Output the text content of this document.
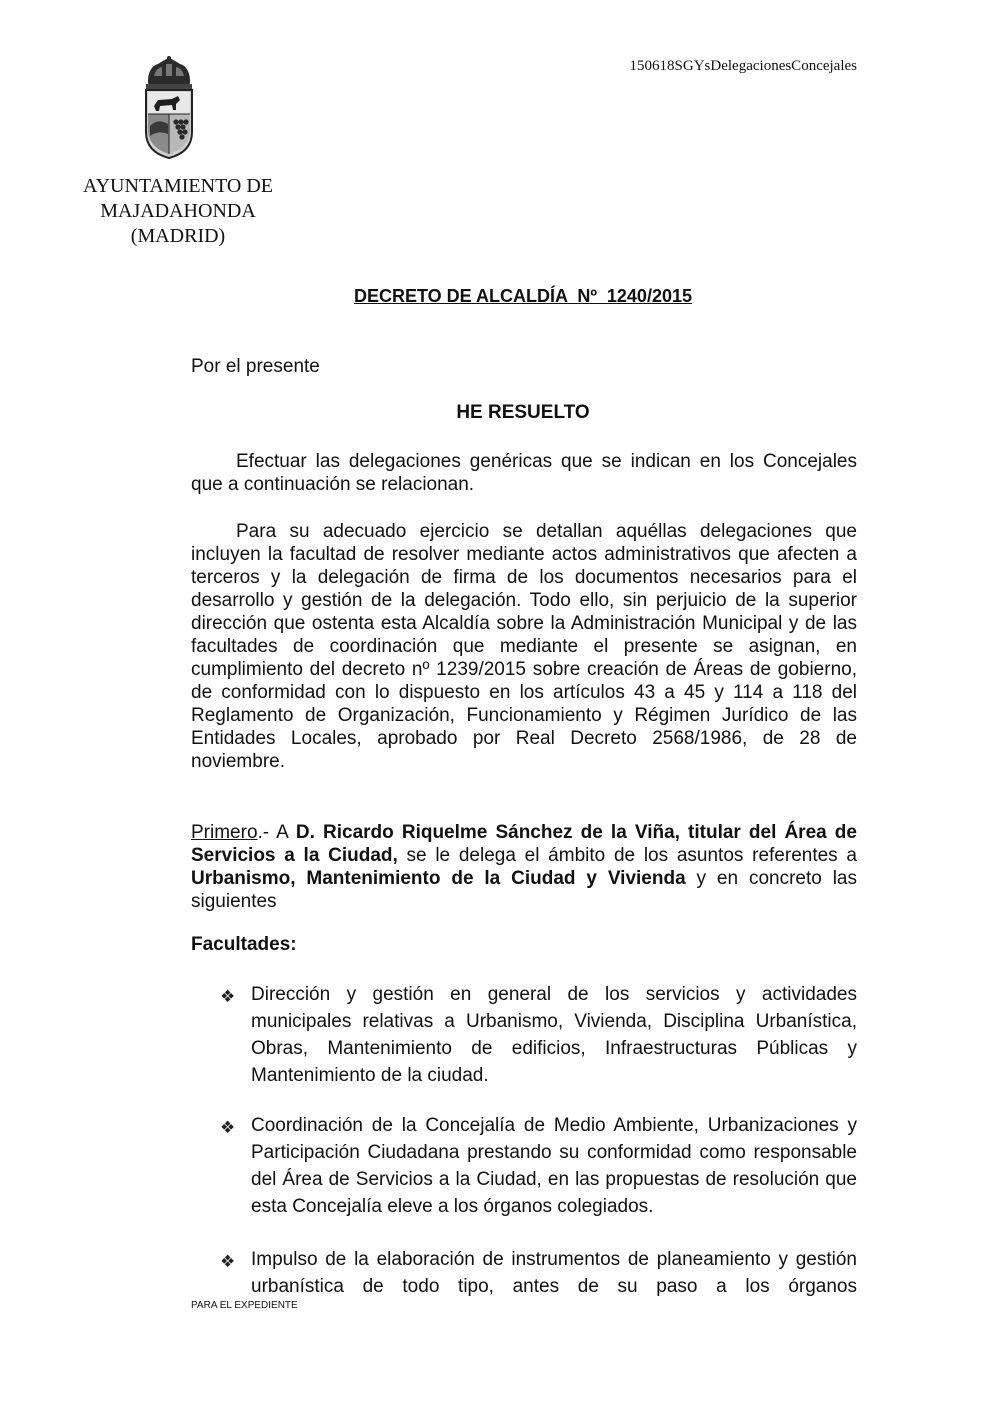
150618SGYsDelegacionesConcejales
AYUNTAMIENTO DE
MAJADAHONDA
(MADRID)
DECRETO DE ALCALDÍA  Nº  1240/2015
Por el presente
HE RESUELTO

Efectuar las delegaciones genéricas que se indican en los Concejales que a continuación se relacionan.

Para su adecuado ejercicio se detallan aquéllas delegaciones que incluyen la facultad de resolver mediante actos administrativos que afecten a terceros y la delegación de firma de los documentos necesarios para el desarrollo y gestión de la delegación. Todo ello, sin perjuicio de la superior dirección que ostenta esta Alcaldía sobre la Administración Municipal y de las facultades de coordinación que mediante el presente se asignan, en cumplimiento del decreto nº 1239/2015 sobre creación de Áreas de gobierno, de conformidad con lo dispuesto en los artículos 43 a 45 y 114 a 118 del Reglamento de Organización, Funcionamiento y Régimen Jurídico de las Entidades Locales, aprobado por Real Decreto 2568/1986, de 28 de noviembre.

Primero.- A D. Ricardo Riquelme Sánchez de la Viña, titular del Área de Servicios a la Ciudad, se le delega el ámbito de los asuntos referentes a Urbanismo, Mantenimiento de la Ciudad y Vivienda y en concreto las siguientes

Facultades:
❖ Dirección y gestión en general de los servicios y actividades municipales relativas a Urbanismo, Vivienda, Disciplina Urbanística, Obras, Mantenimiento de edificios, Infraestructuras Públicas y Mantenimiento de la ciudad.
❖ Coordinación de la Concejalía de Medio Ambiente, Urbanizaciones y Participación Ciudadana prestando su conformidad como responsable del Área de Servicios a la Ciudad, en las propuestas de resolución que esta Concejalía eleve a los órganos colegiados.
❖ Impulso de la elaboración de instrumentos de planeamiento y gestión urbanística de todo tipo, antes de su paso a los órganos
PARA EL EXPEDIENTE
